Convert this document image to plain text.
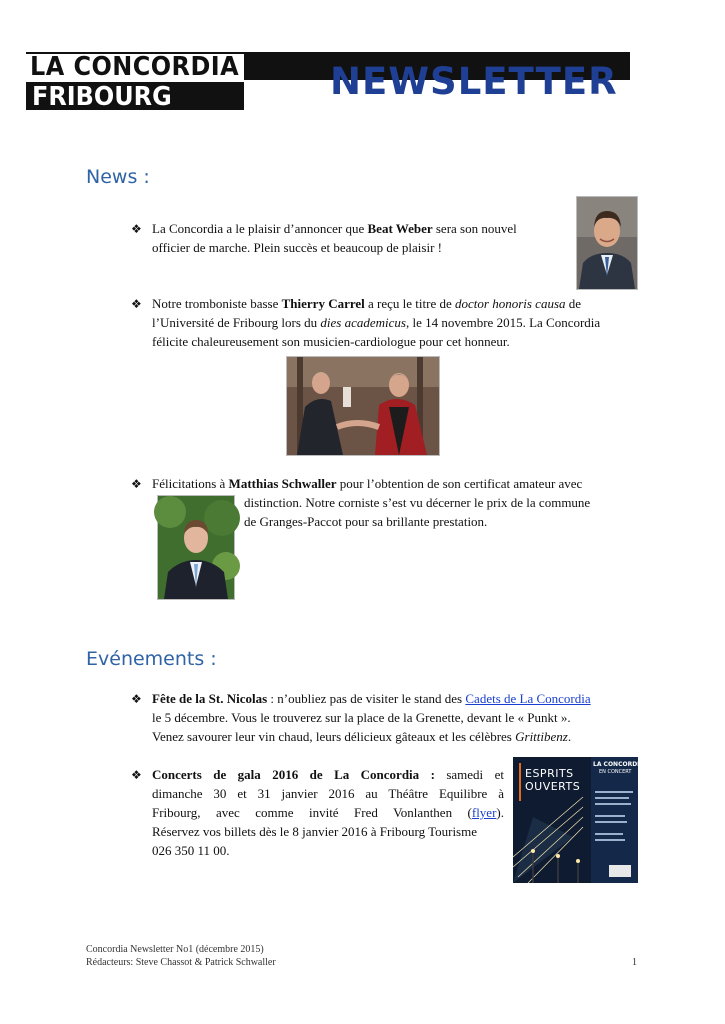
LA CONCORDIA
FRIBOURG	NEWSLETTER
News :
❖ La Concordia a le plaisir d’annoncer que Beat Weber sera son nouvel
officier de marche. Plein succès et beaucoup de plaisir !
❖ Notre tromboniste basse Thierry Carrel a reçu le titre de doctor honoris causa de
l’Université de Fribourg lors du dies academicus, le 14 novembre 2015. La Concordia
félicite chaleureusement son musicien-cardiologue pour cet honneur.
❖ Félicitations à Matthias Schwaller pour l’obtention de son certificat amateur avec
distinction. Notre corniste s’est vu décerner le prix de la commune
de Granges-Paccot pour sa brillante prestation.
Evénements :
❖ Fête de la St. Nicolas : n’oubliez pas de visiter le stand des Cadets de La Concordia
le 5 décembre. Vous le trouverez sur la place de la Grenette, devant le « Punkt ».
Venez savourer leur vin chaud, leurs délicieux gâteaux et les célèbres Grittibenz.
❖ Concerts de gala 2016 de La Concordia : samedi et
dimanche 30 et 31 janvier 2016 au Théâtre Equilibre à
Fribourg, avec comme invité Fred Vonlanthen (flyer).
Réservez vos billets dès le 8 janvier 2016 à Fribourg Tourisme
026 350 11 00.
LA CONCORDIA
EN CONCERT
ESPRITS
OUVERTS
Concordia Newsletter No1 (décembre 2015)
Rédacteurs: Steve Chassot & Patrick Schwaller	1
